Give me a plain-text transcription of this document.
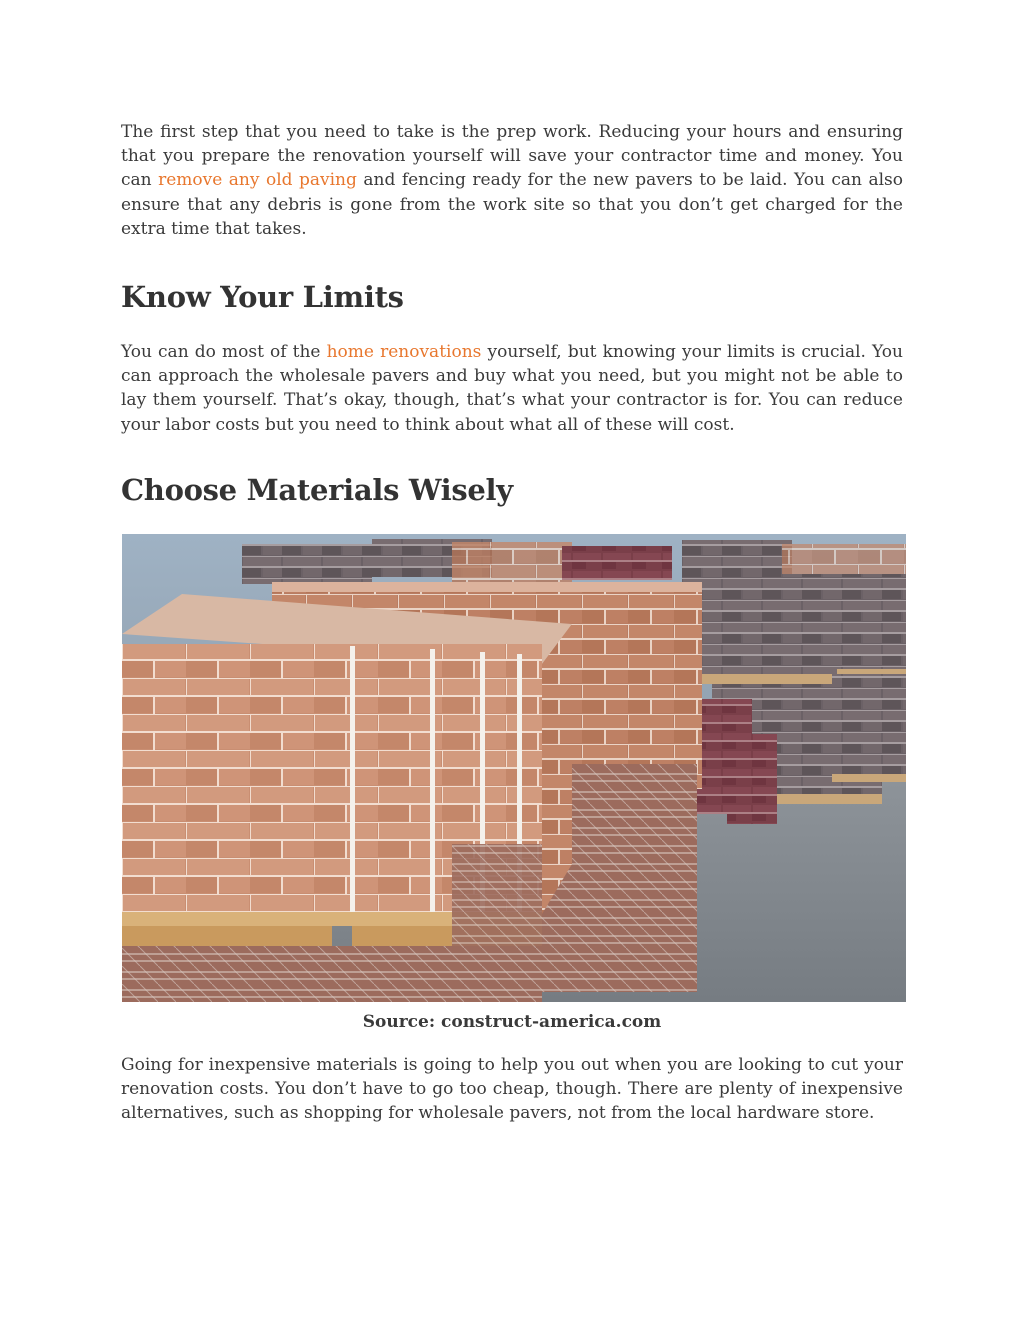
The first step that you need to take is the prep work. Reducing your hours and ensuring that you prepare the renovation yourself will save your contractor time and money. You can remove any old paving and fencing ready for the new pavers to be laid. You can also ensure that any debris is gone from the work site so that you don’t get charged for the extra time that takes.

Know Your Limits

You can do most of the home renovations yourself, but knowing your limits is crucial. You can approach the wholesale pavers and buy what you need, but you might not be able to lay them yourself. That’s okay, though, that’s what your contractor is for. You can reduce your labor costs but you need to think about what all of these will cost.

Choose Materials Wisely
Source: construct-america.com

Going for inexpensive materials is going to help you out when you are looking to cut your renovation costs. You don’t have to go too cheap, though. There are plenty of inexpensive alternatives, such as shopping for wholesale pavers, not from the local hardware store.
